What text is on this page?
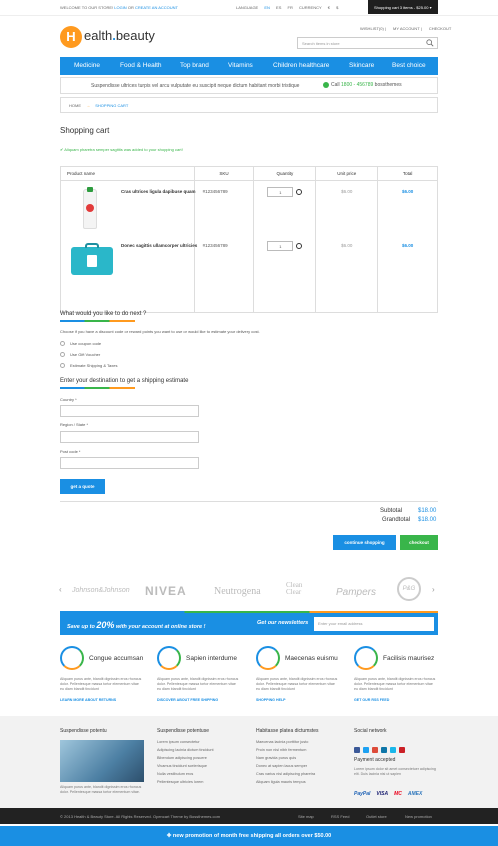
WELCOME TO OUR STORE! LOGIN OR CREATE AN ACCOUNT	LANGUAGE EN ES FR CURRENCY € $	Shopping cart 3 items - $25.00 ▾
H ealth.beauty	WISHLIST(0) | MY ACCOUNT | CHECKOUT
Search items in store
Medicine	Food & Health	Top brand	Vitamins	Children healthcare	Skincare	Best choice
Suspendisse ultrices turpis vel arcu vulputate eu suscipit neque dictum habitant morbi tristique	Call 1800 - 456789 bossthemes
HOME → SHOPPING CART
Shopping cart
✔ Aliquam pharetra semper sagittis was added to your shopping cart!
Product name	SKU	Quantity	Unit price	Total

Cras ultrices ligula dapibuse quam	#123456789	1	$6.00	$6.00

Donec sagittis ullamcorper ultricies	#123456789	1	$6.00	$6.00
What would you like to do next ?
Choose if you have a discount code or reward points you want to use or would like to estimate your delivery cost.
Use coupon code
Use Gift Voucher
Estimate Shipping & Taxes
Enter your destination to get a shipping estimate
Country *
Region / State *
Post code *
get a quote
Subtotal	$18.00
Grandtotal $18.00
continue shopping	checkout
‹ Johnson&Johnson NIVEA	Neutrogena
Clean Clear	Pampers	P&G	›
Save up to 20% with your account at online store !
Get our newsletters	Enter your email address
Congue accumsan
Aliquam purus ante, blandit dignissim eros rhoncus dolor. Pellentesque massa tortor elementum vitae eu diam blandit tincidunt
LEARN MORE ABOUT RETURNS
Sapien interdume
Aliquam purus ante, blandit dignissim eros rhoncus dolor. Pellentesque massa tortor elementum vitae eu diam blandit tincidunt
DISCOVER ABOUT FREE SHIPPING
Maecenas euismu
Aliquam purus ante, blandit dignissim eros rhoncus dolor. Pellentesque massa tortor elementum vitae eu diam blandit tincidunt
SHOPPING HELP
Facilisis maurisez
Aliquam purus ante, blandit dignissim eros rhoncus dolor. Pellentesque massa tortor elementum vitae eu diam blandit tincidunt
GET OUR RSS FEED
Suspendisse potentu
Aliquam purus ante, blandit dignissim eros rhoncus dolor. Pellentesque massa tortor elementum vitae.
Suspendisse potentuse
Lorem ipsum consectetur
Adipiscing lacinia dictum tincidunt
Bibendum adipiscing posuere
Vivamus tincidunt scelerisque
Nulla vestibulum eros
Pellentesque ultricies lorem
Habitasse platea dictumstes
Maecenas lacinia porttitor justo
Proin non nisl nibh fermentum
Nam gravida purus quis
Donec at sapien lacus semper
Cras varius nisl adipiscing pharetra
Aliquam ligula mauris tempus
Social network
Payment accepted
Lorem ipsum dolor sit amet consectetuer adipiscing elit. Duis lacinia nisi ut sapien
PayPal VISA MC AMEX
© 2013 Health & Beauty Store. All Rights Reserved. Opencart Theme by Bossthemes.com	Site map	RSS Feed	Outlet store	New promotion
✚ new promotion of month free shipping all orders over $50.00
